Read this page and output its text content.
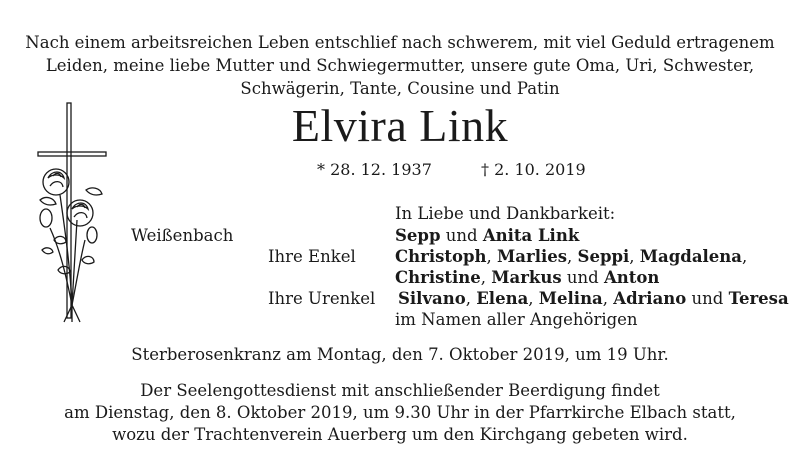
Nach einem arbeitsreichen Leben entschlief nach schwerem, mit viel Geduld ertragenem
Leiden, meine liebe Mutter und Schwiegermutter, unsere gute Oma, Uri, Schwester,
Schwägerin, Tante, Cousine und Patin
Elvira Link
* 28. 12. 1937	† 2. 10. 2019
In Liebe und Dankbarkeit:
Weißenbach	Sepp und Anita Link
Ihre Enkel Christoph, Marlies, Seppi, Magdalena,
Christine, Markus und Anton
Ihre Urenkel Silvano, Elena, Melina, Adriano und Teresa
im Namen aller Angehörigen
Sterberosenkranz am Montag, den 7. Oktober 2019, um 19 Uhr.
Der Seelengottesdienst mit anschließender Beerdigung findet
am Dienstag, den 8. Oktober 2019, um 9.30 Uhr in der Pfarrkirche Elbach statt,
wozu der Trachtenverein Auerberg um den Kirchgang gebeten wird.
